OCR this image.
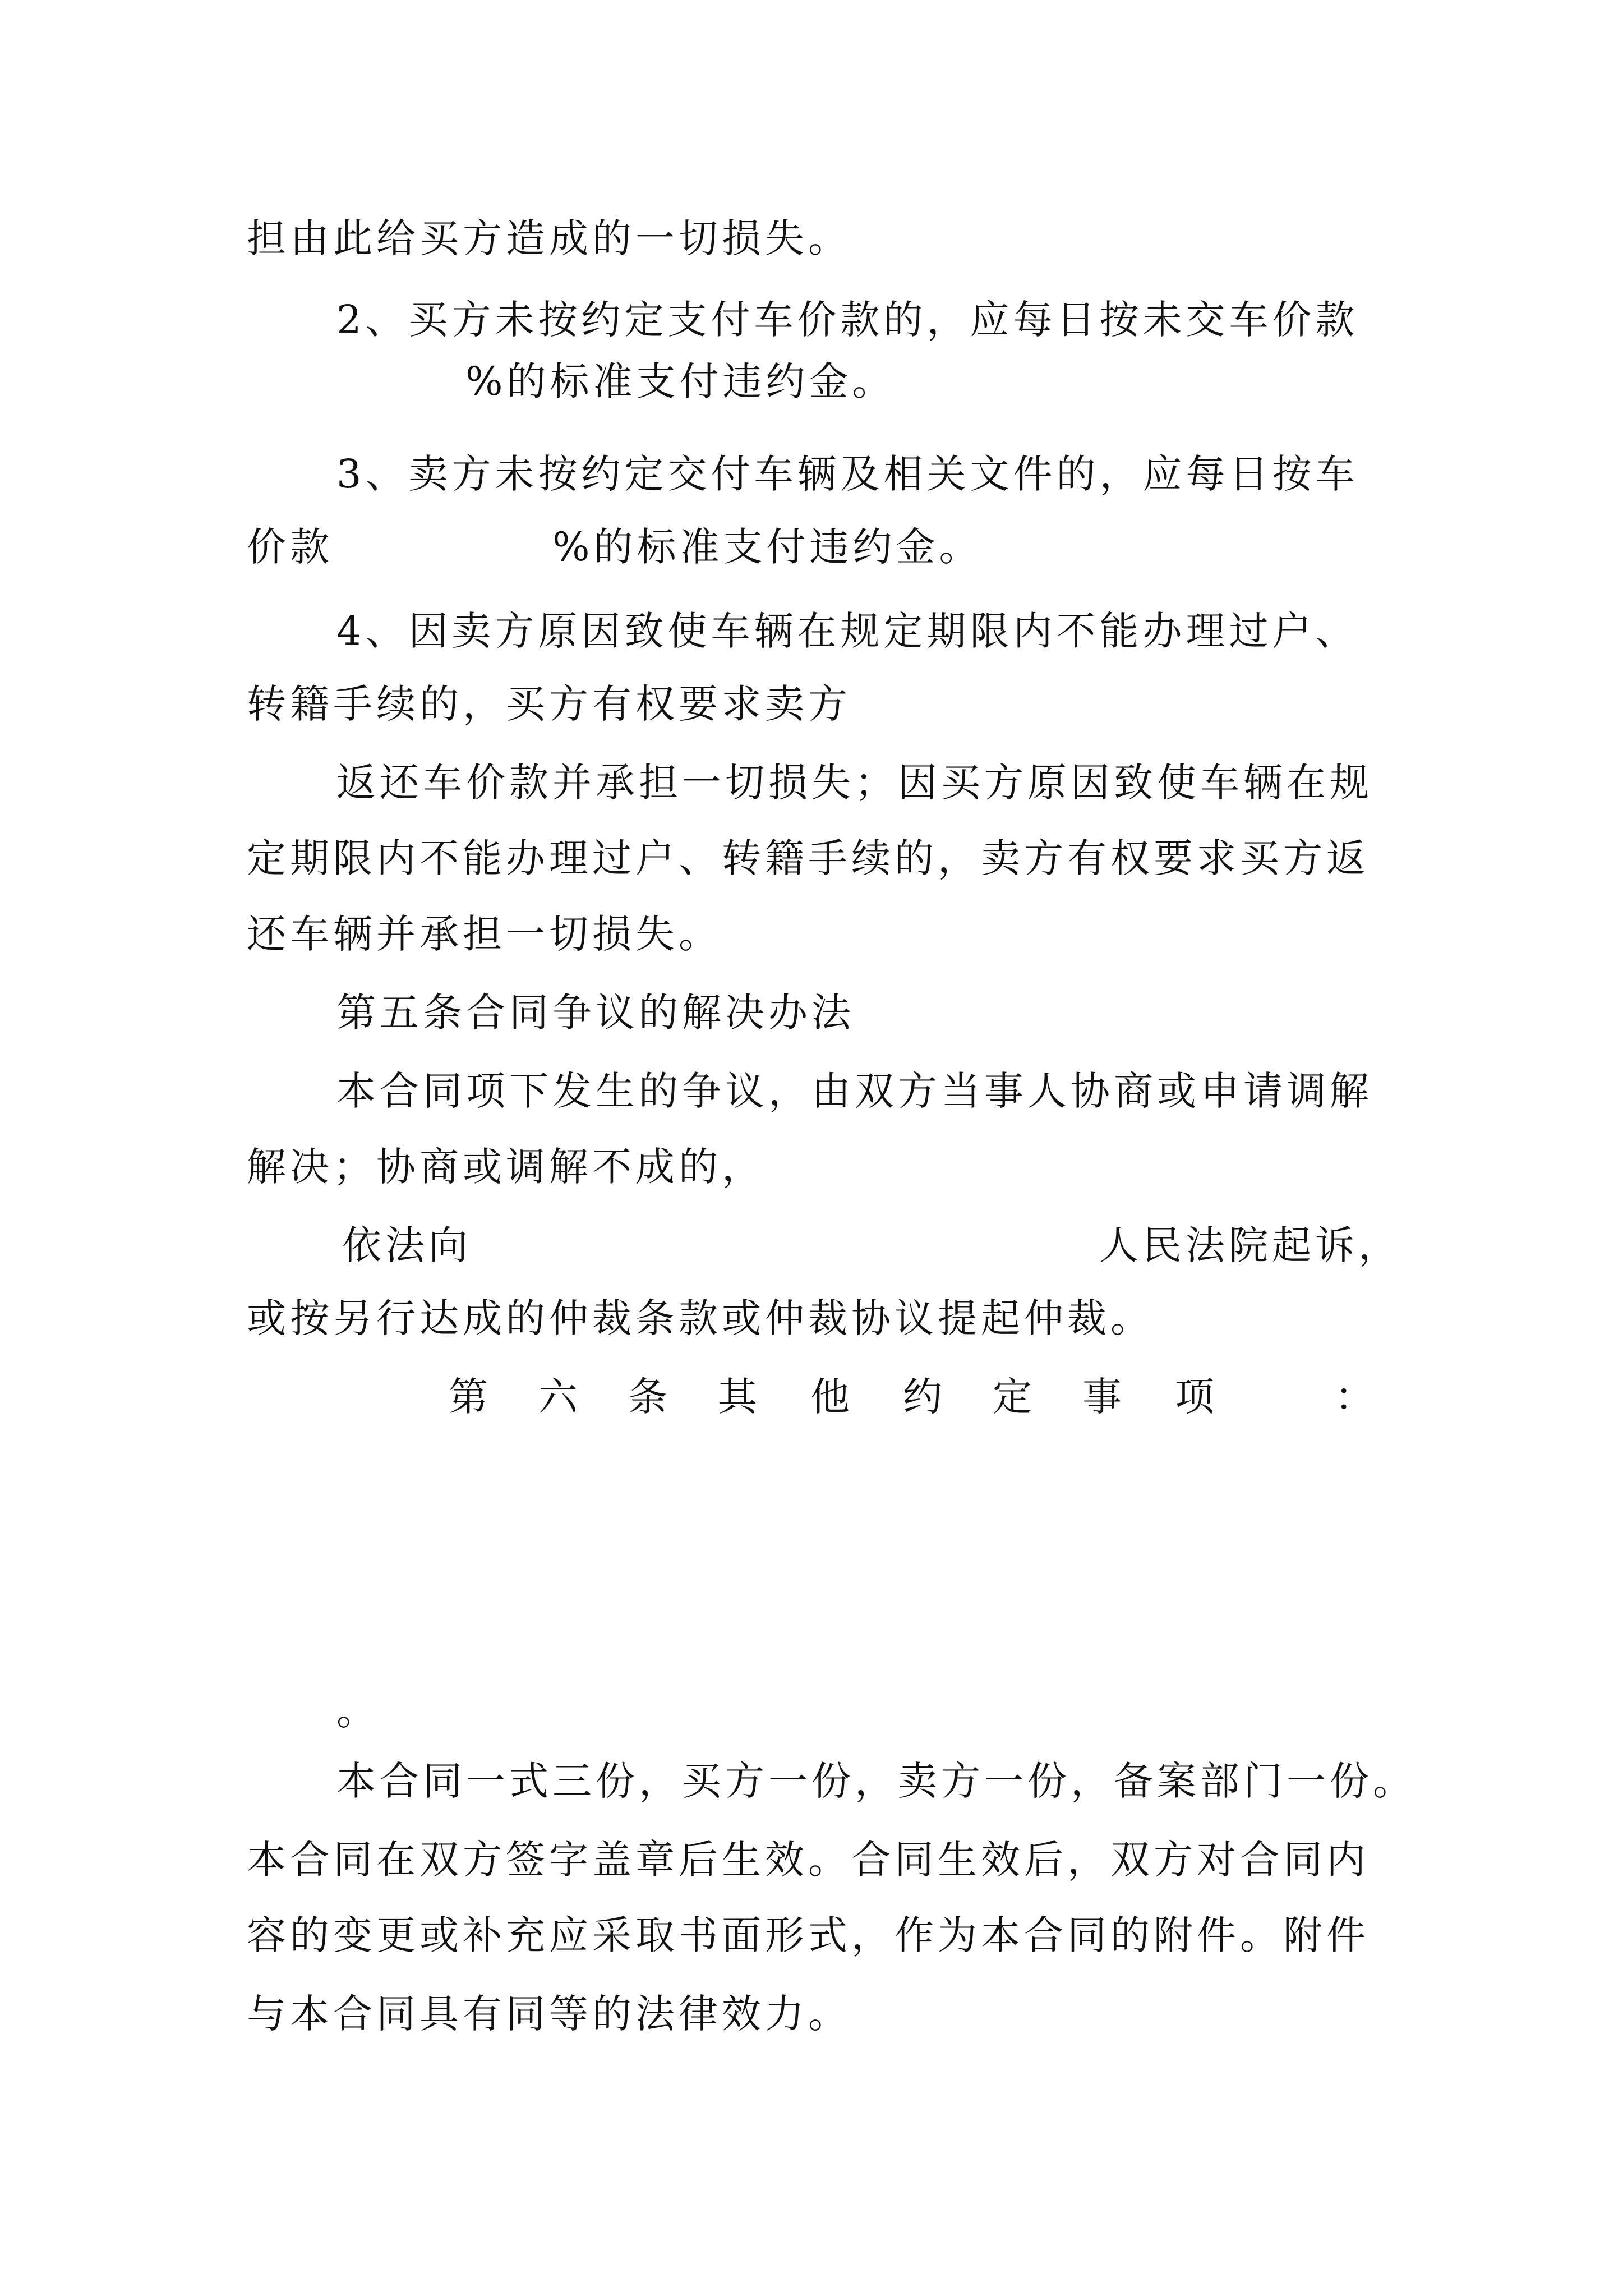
担由此给买方造成的一切损失。

2、买方未按约定支付车价款的，应每日按未交车价款

%的标准支付违约金。

3、卖方未按约定交付车辆及相关文件的，应每日按车

价款	%的标准支付违约金。

4、因卖方原因致使车辆在规定期限内不能办理过户、

转籍手续的，买方有权要求卖方

返还车价款并承担一切损失；因买方原因致使车辆在规

定期限内不能办理过户、转籍手续的，卖方有权要求买方返

还车辆并承担一切损失。

第五条合同争议的解决办法

本合同项下发生的争议，由双方当事人协商或申请调解

解决；协商或调解不成的，

依法向	人民法院起诉，

或按另行达成的仲裁条款或仲裁协议提起仲裁。

第 六 条 其 他 约 定 事 项	：

。

本合同一式三份，买方一份，卖方一份，备案部门一份。

本合同在双方签字盖章后生效。合同生效后，双方对合同内

容的变更或补充应采取书面形式，作为本合同的附件。附件

与本合同具有同等的法律效力。
